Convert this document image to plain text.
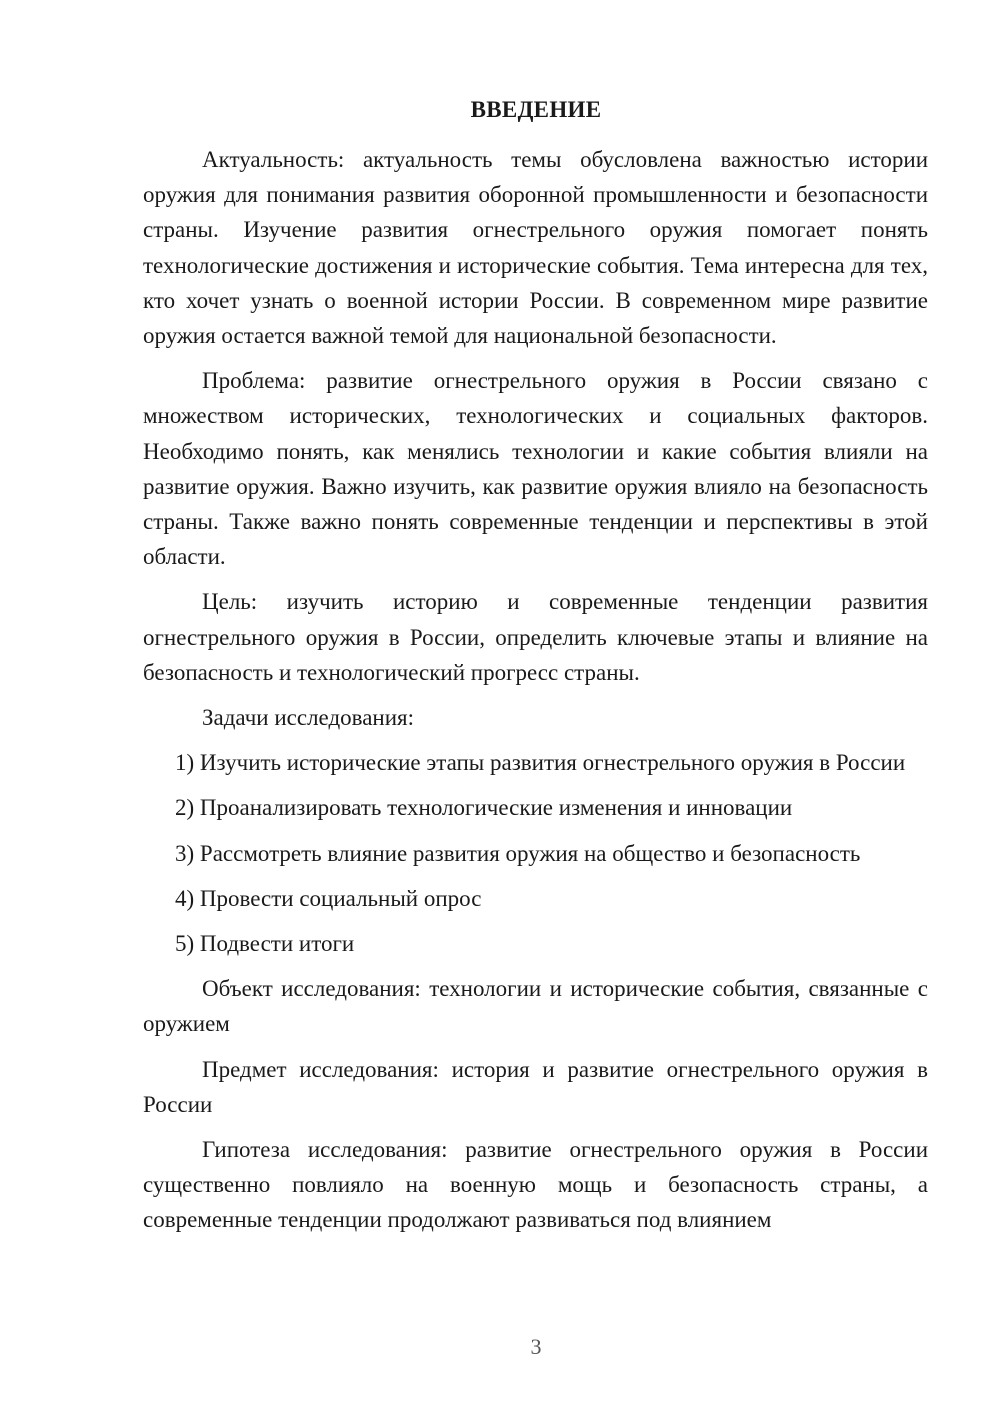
ВВЕДЕНИЕ

Актуальность: актуальность темы обусловлена важностью истории оружия для понимания развития оборонной промышленности и безопасности страны. Изучение развития огнестрельного оружия помогает понять технологические достижения и исторические события. Тема интересна для тех, кто хочет узнать о военной истории России. В современном мире развитие оружия остается важной темой для национальной безопасности.

Проблема: развитие огнестрельного оружия в России связано с множеством исторических, технологических и социальных факторов. Необходимо понять, как менялись технологии и какие события влияли на развитие оружия. Важно изучить, как развитие оружия влияло на безопасность страны. Также важно понять современные тенденции и перспективы в этой области.

Цель: изучить историю и современные тенденции развития огнестрельного оружия в России, определить ключевые этапы и влияние на безопасность и технологический прогресс страны.

Задачи исследования:

1) Изучить исторические этапы развития огнестрельного оружия в России

2) Проанализировать технологические изменения и инновации

3) Рассмотреть влияние развития оружия на общество и безопасность

4) Провести социальный опрос

5) Подвести итоги

Объект исследования: технологии и исторические события, связанные с оружием

Предмет исследования: история и развитие огнестрельного оружия в России

Гипотеза исследования: развитие огнестрельного оружия в России существенно повлияло на военную мощь и безопасность страны, а современные тенденции продолжают развиваться под влиянием

3
